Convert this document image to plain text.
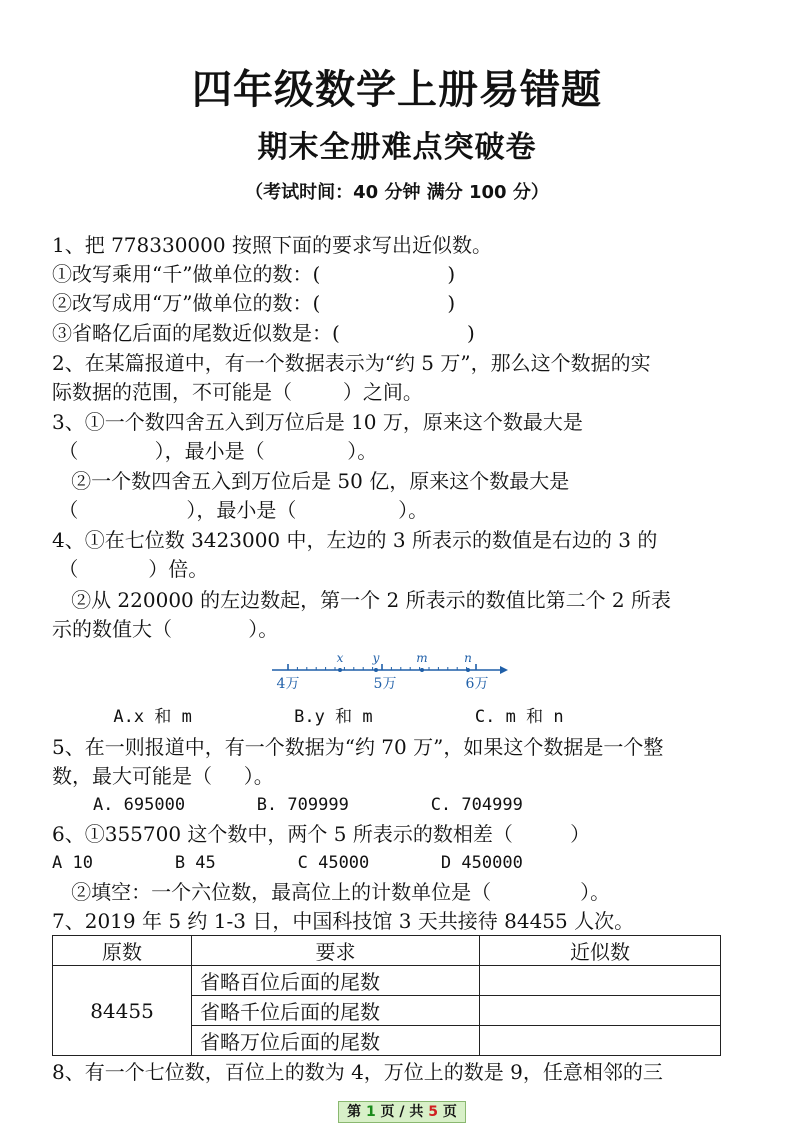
四年级数学上册易错题
期末全册难点突破卷
（考试时间：40 分钟 满分 100 分）
1、把 778330000 按照下面的要求写出近似数。
①改写乘用“千”做单位的数：(                    )
②改写成用“万”做单位的数：(                    )
③省略亿后面的尾数近似数是：(                    )
2、在某篇报道中，有一个数据表示为“约 5 万”，那么这个数据的实
际数据的范围，不可能是（        ）之间。
3、①一个数四舍五入到万位后是 10 万，原来这个数最大是
（            ），最小是（             ）。
②一个数四舍五入到万位后是 50 亿，原来这个数最大是
（                 ），最小是（                ）。
4、①在七位数 3423000 中，左边的 3 所表示的数值是右边的 3 的
（           ）倍。
②从 220000 的左边数起，第一个 2 所表示的数值比第二个 2 所表
示的数值大（            ）。
4万	5万	6万
x y	m	n
A.x 和 m          B.y 和 m          C. m 和 n
5、在一则报道中，有一个数据为“约 70 万”，如果这个数据是一个整
数，最大可能是（     ）。
A. 695000       B. 709999        C. 704999
6、①355700 这个数中，两个 5 所表示的数相差（         ）
A 10        B 45        C 45000       D 450000
②填空：一个六位数，最高位上的计数单位是（              ）。
7、2019 年 5 约 1-3 日，中国科技馆 3 天共接待 84455 人次。
原数	要求	近似数
84455	省略百位后面的尾数	
	省略千位后面的尾数	
	省略万位后面的尾数	
8、有一个七位数，百位上的数为 4，万位上的数是 9，任意相邻的三
第 1 页 / 共 5 页
